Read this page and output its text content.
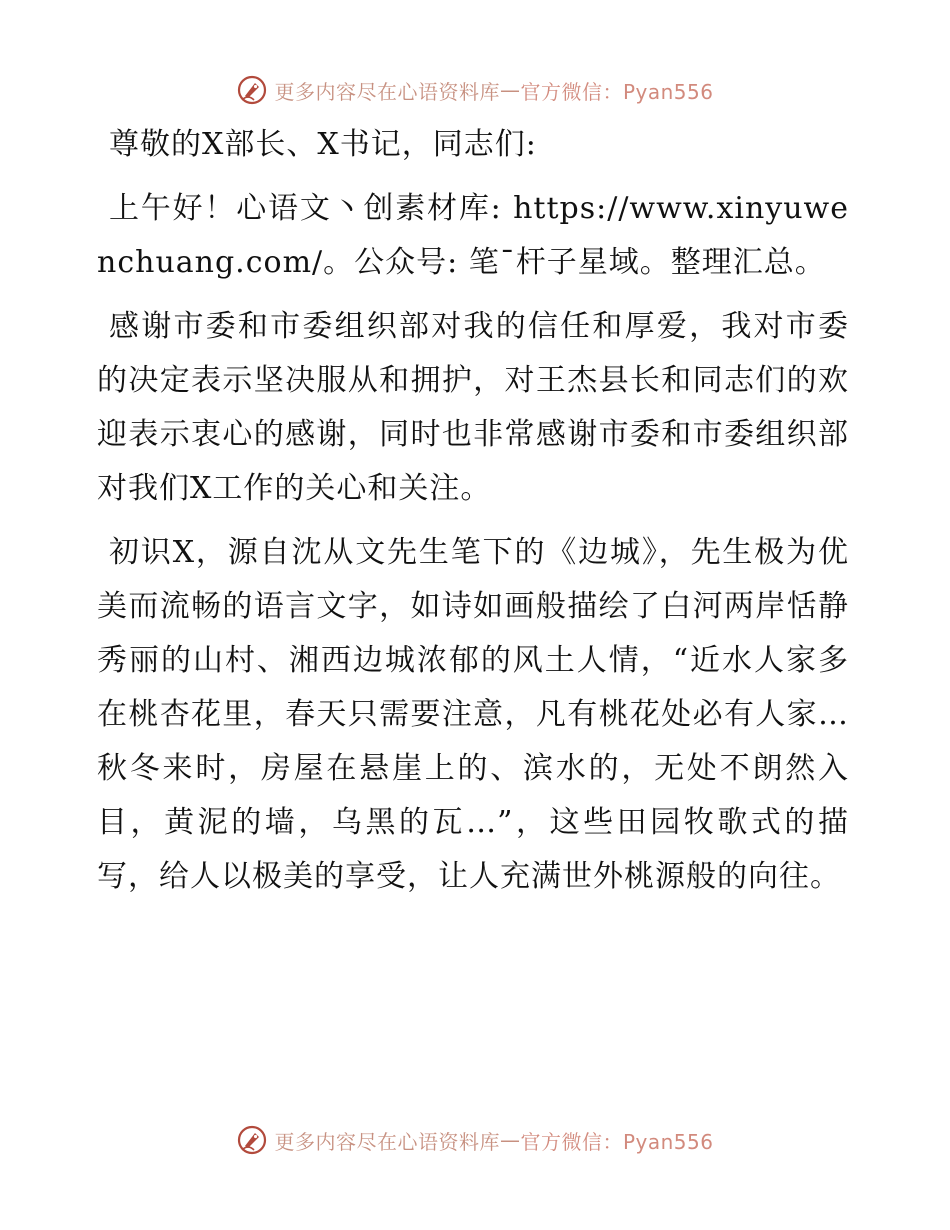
更多内容尽在心语资料库 — 官方微信：Pyan556

尊敬的X部长、X书记，同志们:

上午好！心语文丶创素材库: https://www.xinyuwenchuang.com/。公众号: 笔¯杆子星域。整理汇总。

感谢市委和市委组织部对我的信任和厚爱，我对市委的决定表示坚决服从和拥护，对王杰县长和同志们的欢迎表示衷心的感谢，同时也非常感谢市委和市委组织部对我们X工作的关心和关注。

初识X，源自沈从文先生笔下的《边城》，先生极为优美而流畅的语言文字，如诗如画般描绘了白河两岸恬静秀丽的山村、湘西边城浓郁的风土人情，“近水人家多在桃杏花里，春天只需要注意，凡有桃花处必有人家…秋冬来时，房屋在悬崖上的、滨水的，无处不朗然入目，黄泥的墙，乌黑的瓦…”，这些田园牧歌式的描写，给人以极美的享受，让人充满世外桃源般的向往。

更多内容尽在心语资料库 — 官方微信：Pyan556
